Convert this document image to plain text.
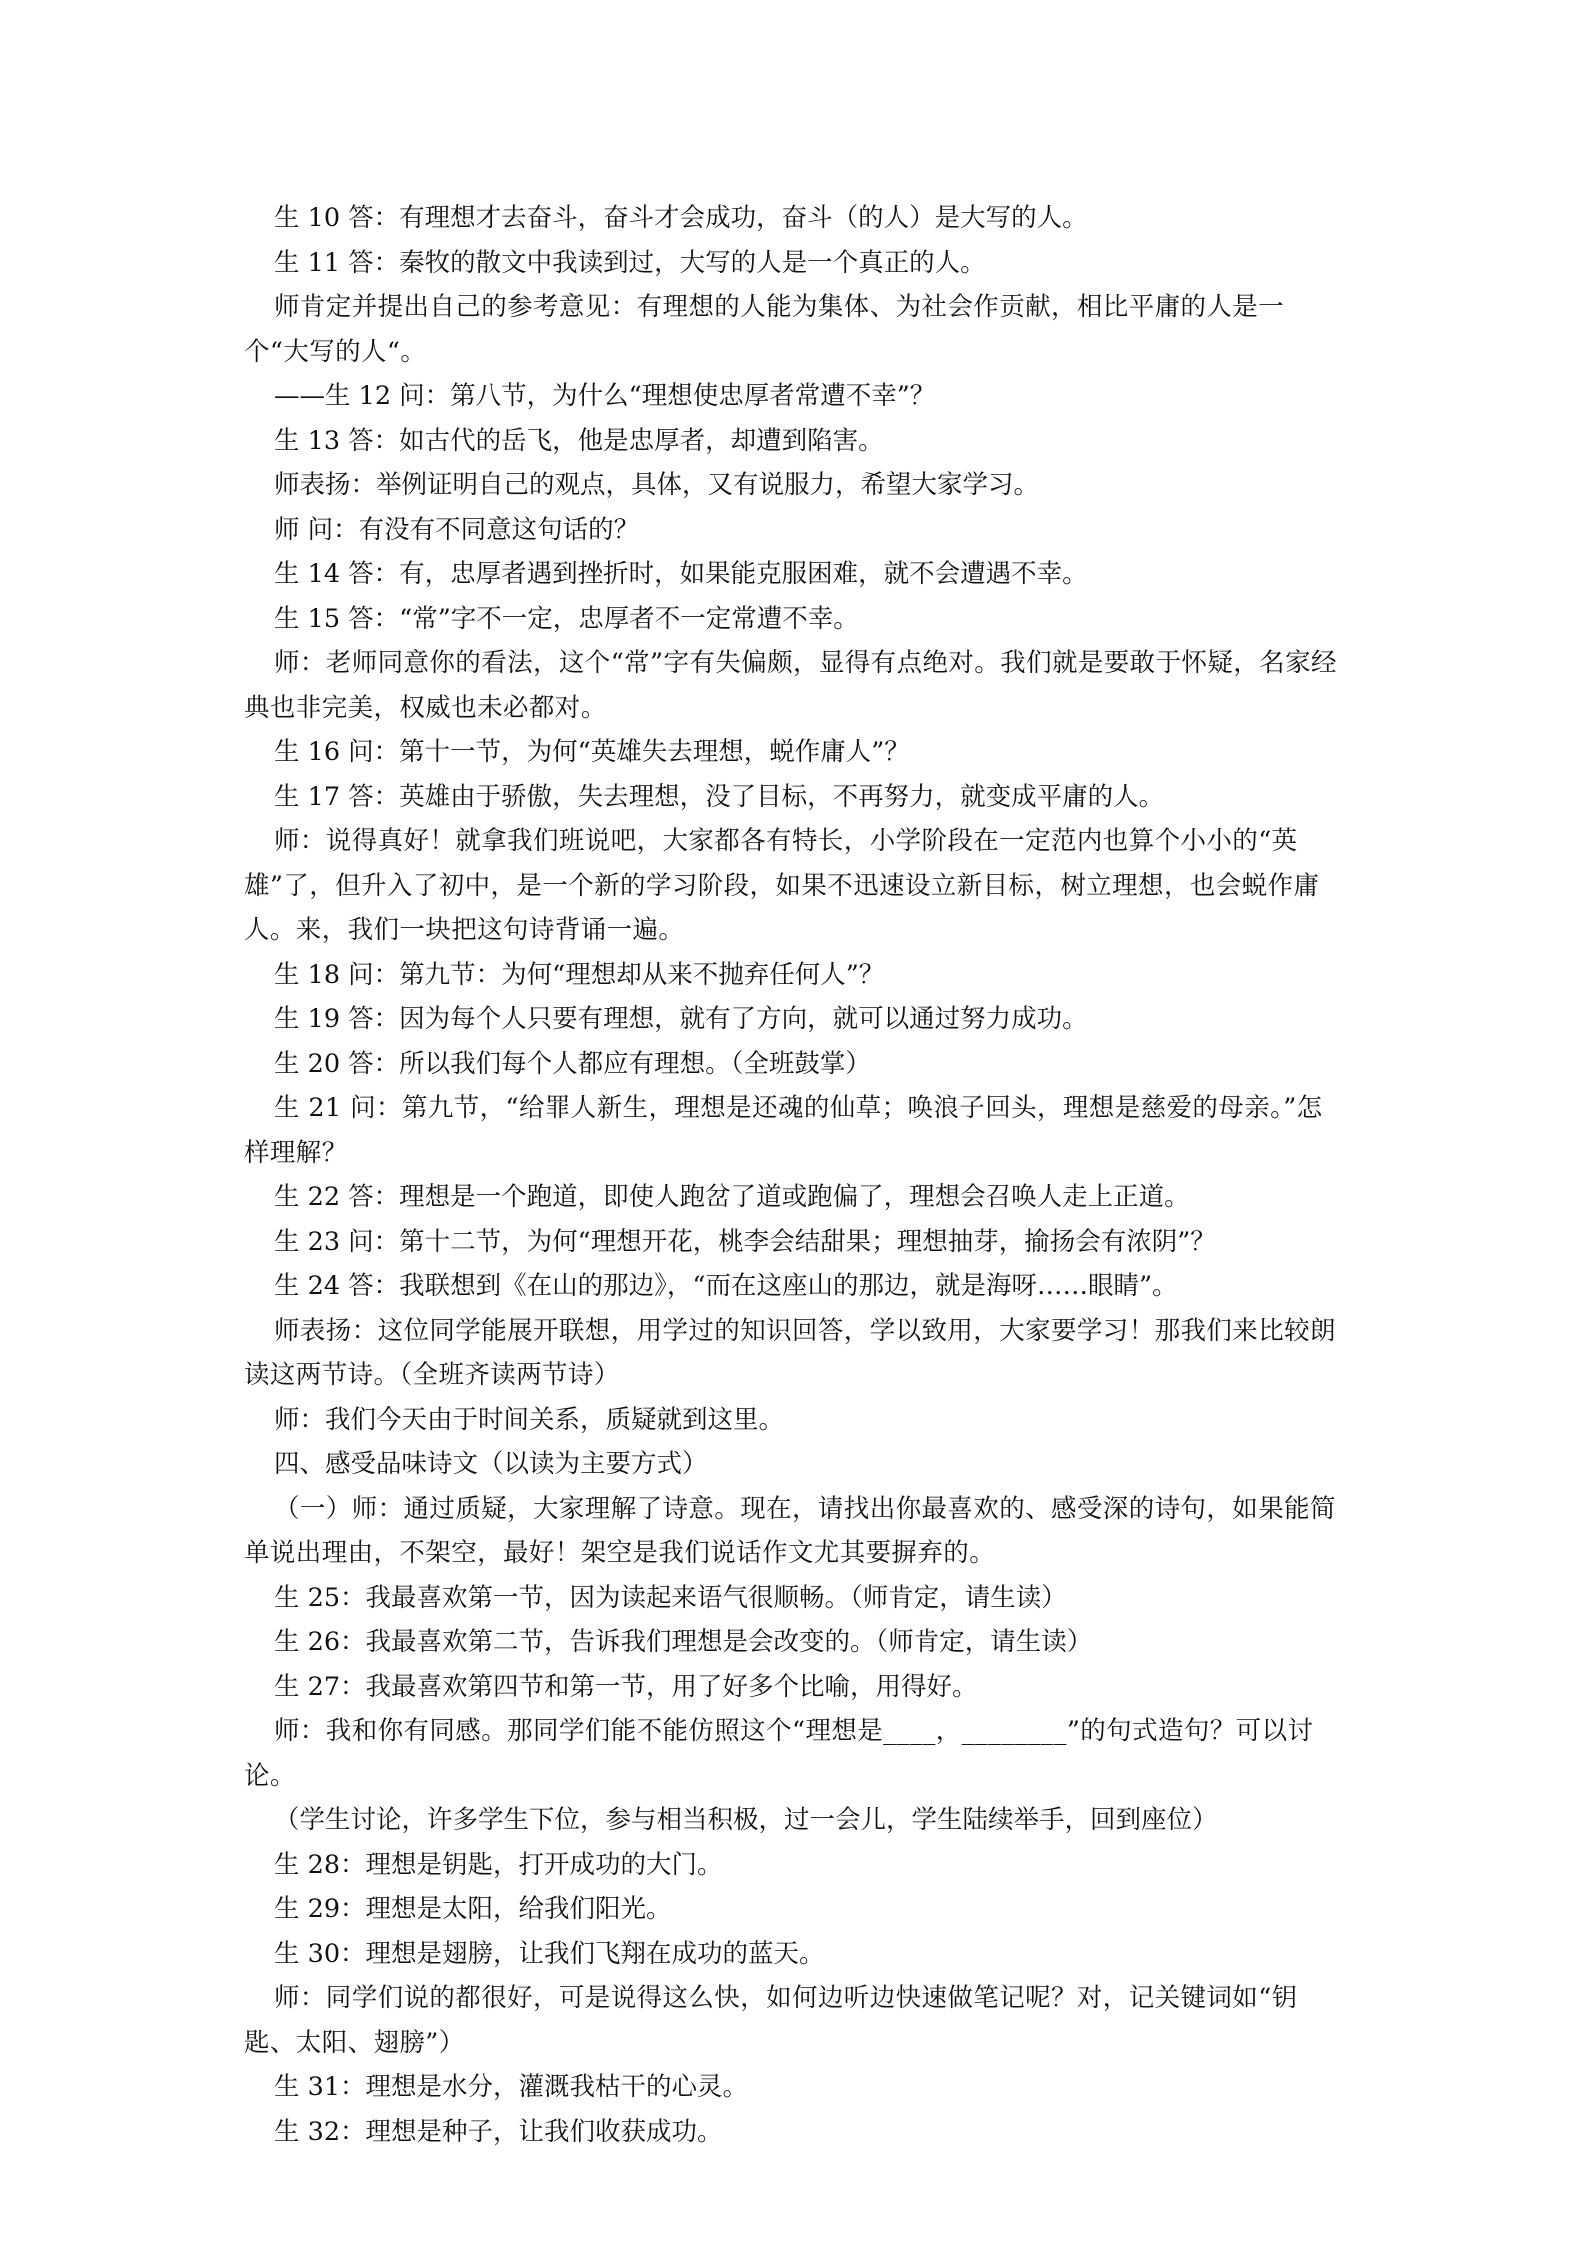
生 10 答：有理想才去奋斗，奋斗才会成功，奋斗（的人）是大写的人。

生 11 答：秦牧的散文中我读到过，大写的人是一个真正的人。

师肯定并提出自己的参考意见：有理想的人能为集体、为社会作贡献，相比平庸的人是一个“大写的人“。

——生 12 问：第八节，为什么“理想使忠厚者常遭不幸”？

生 13 答：如古代的岳飞，他是忠厚者，却遭到陷害。

师表扬：举例证明自己的观点，具体，又有说服力，希望大家学习。

师 问：有没有不同意这句话的？

生 14 答：有，忠厚者遇到挫折时，如果能克服困难，就不会遭遇不幸。

生 15 答：“常”字不一定，忠厚者不一定常遭不幸。

师：老师同意你的看法，这个“常”字有失偏颇，显得有点绝对。我们就是要敢于怀疑，名家经典也非完美，权威也未必都对。

生 16 问：第十一节，为何“英雄失去理想，蜕作庸人”？

生 17 答：英雄由于骄傲，失去理想，没了目标，不再努力，就变成平庸的人。

师：说得真好！就拿我们班说吧，大家都各有特长，小学阶段在一定范内也算个小小的“英雄”了，但升入了初中，是一个新的学习阶段，如果不迅速设立新目标，树立理想，也会蜕作庸人。来，我们一块把这句诗背诵一遍。

生 18 问：第九节：为何“理想却从来不抛弃任何人”？

生 19 答：因为每个人只要有理想，就有了方向，就可以通过努力成功。

生 20 答：所以我们每个人都应有理想。（全班鼓掌）

生 21 问：第九节，“给罪人新生，理想是还魂的仙草；唤浪子回头，理想是慈爱的母亲。”怎样理解？

生 22 答：理想是一个跑道，即使人跑岔了道或跑偏了，理想会召唤人走上正道。

生 23 问：第十二节，为何“理想开花，桃李会结甜果；理想抽芽，揄扬会有浓阴”？

生 24 答：我联想到《在山的那边》，“而在这座山的那边，就是海呀……眼睛”。

师表扬：这位同学能展开联想，用学过的知识回答，学以致用，大家要学习！那我们来比较朗读这两节诗。（全班齐读两节诗）

师：我们今天由于时间关系，质疑就到这里。

四、感受品味诗文（以读为主要方式）

（一）师：通过质疑，大家理解了诗意。现在，请找出你最喜欢的、感受深的诗句，如果能简单说出理由，不架空，最好！架空是我们说话作文尤其要摒弃的。

生 25：我最喜欢第一节，因为读起来语气很顺畅。（师肯定，请生读）

生 26：我最喜欢第二节，告诉我们理想是会改变的。（师肯定，请生读）

生 27：我最喜欢第四节和第一节，用了好多个比喻，用得好。

师：我和你有同感。那同学们能不能仿照这个“理想是____，________”的句式造句？可以讨论。

（学生讨论，许多学生下位，参与相当积极，过一会儿，学生陆续举手，回到座位）

生 28：理想是钥匙，打开成功的大门。

生 29：理想是太阳，给我们阳光。

生 30：理想是翅膀，让我们飞翔在成功的蓝天。

师：同学们说的都很好，可是说得这么快，如何边听边快速做笔记呢？对，记关键词如“钥匙、太阳、翅膀”）

生 31：理想是水分，灌溉我枯干的心灵。

生 32：理想是种子，让我们收获成功。
